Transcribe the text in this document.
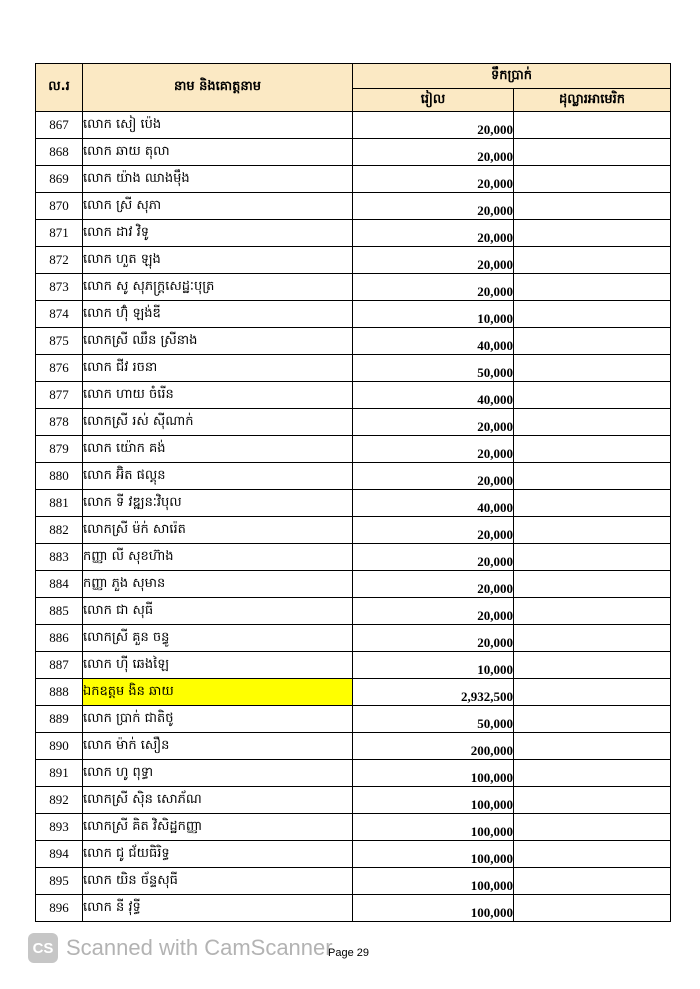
ល.រ	នាម និងគោត្តនាម	ទឹកប្រាក់	
		រៀល	ដុល្លារអាមេរិក
867	លោក សៀ ប៉េង	20,000	
868	លោក ឆាយ តុលា	20,000	
869	លោក យ៉ាង ឈាងម៉ឹង	20,000	
870	លោក ស្រី សុភា	20,000	
871	លោក ដាវ វិទូ	20,000	
872	លោក ហួត ឡុង	20,000	
873	លោក សូ សុភក្ត្រសេដ្ឋៈបុត្រ	20,000	
874	លោក ហ៊ុំ ឡង់ឌី	10,000	
875	លោកស្រី ឈឹន ស្រីនាង	40,000	
876	លោក ជីវ រចនា	50,000	
877	លោក ហាយ ចំរើន	40,000	
878	លោកស្រី រស់ ស៊ីណាក់	20,000	
879	លោក យ៉ោក គង់	20,000	
880	លោក អ៊ិត ផល្គុន	20,000	
881	លោក ទី វឌ្ឍនៈវិបុល	40,000	
882	លោកស្រី ម៉ក់ សារ៉េត	20,000	
883	កញ្ញា លី សុខហ៊ាង	20,000	
884	កញ្ញា ភួង សុមាន	20,000	
885	លោក ជា សុធី	20,000	
886	លោកស្រី គួន ចន្ធូ	20,000	
887	លោក ហ៊ី ឆេងឡៃ	10,000	
888	ឯកឧត្តម ងិន ឆាយ	2,932,500	
889	លោក ប្រាក់ ជាតិថូ	50,000	
890	លោក ម៉ាក់ សឿន	200,000	
891	លោក ហូ ពុទ្ធា	100,000	
892	លោកស្រី ស៊ិន សោភ័ណ	100,000	
893	លោកស្រី គិត វិសិដ្ឋកញ្ញា	100,000	
894	លោក ជូ ជ័យធិរិទ្ធ	100,000	
895	លោក យិន ច័ន្ទសុធី	100,000	
896	លោក នី វុទ្ធី	100,000	
CS Scanned with CamScanner
Page 29
